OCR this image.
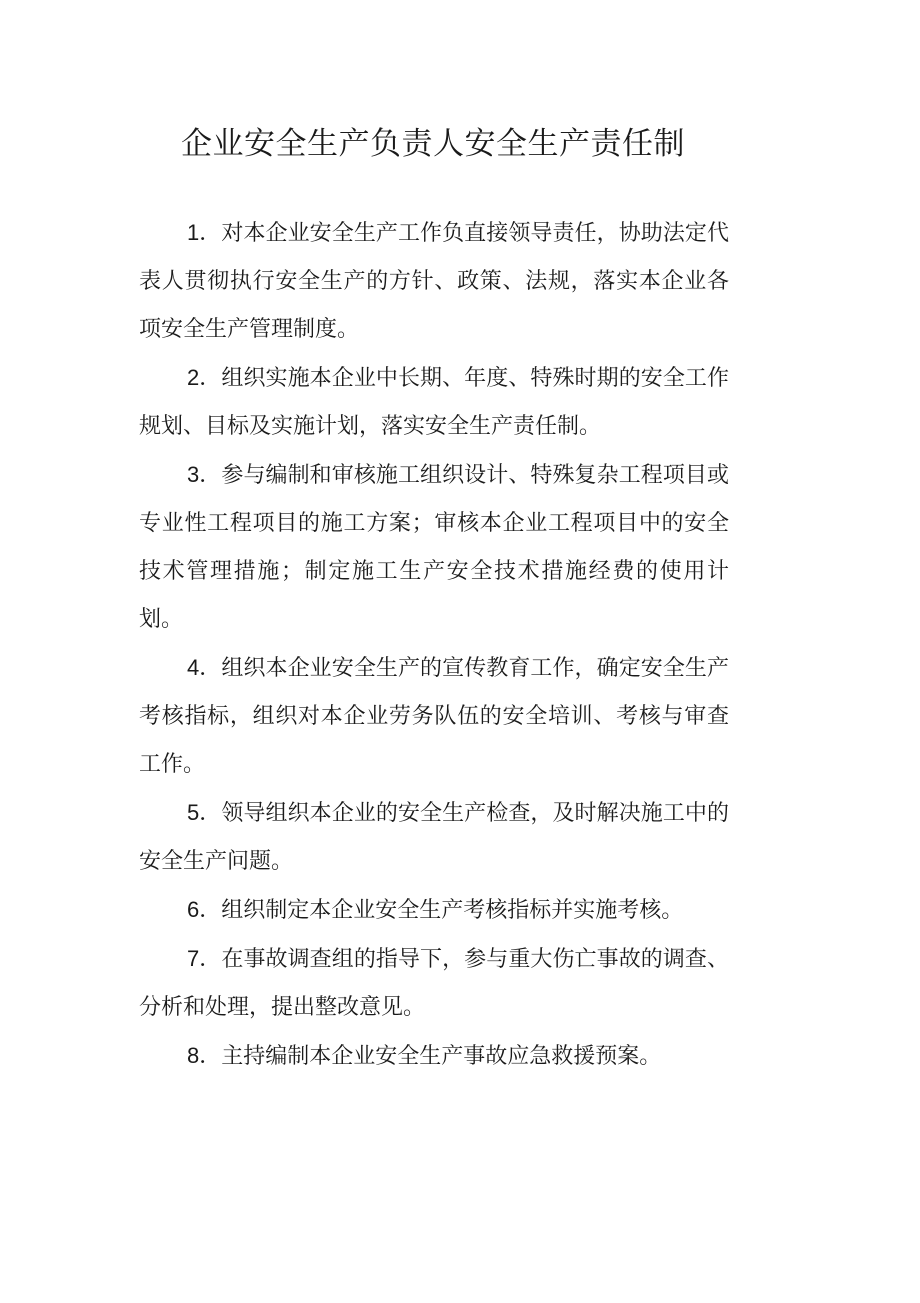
企业安全生产负责人安全生产责任制

1．对本企业安全生产工作负直接领导责任，协助法定代表人贯彻执行安全生产的方针、政策、法规，落实本企业各项安全生产管理制度。

2．组织实施本企业中长期、年度、特殊时期的安全工作规划、目标及实施计划，落实安全生产责任制。

3．参与编制和审核施工组织设计、特殊复杂工程项目或专业性工程项目的施工方案；审核本企业工程项目中的安全技术管理措施；制定施工生产安全技术措施经费的使用计划。

4．组织本企业安全生产的宣传教育工作，确定安全生产考核指标，组织对本企业劳务队伍的安全培训、考核与审查工作。

5．领导组织本企业的安全生产检查，及时解决施工中的安全生产问题。

6．组织制定本企业安全生产考核指标并实施考核。

7．在事故调查组的指导下，参与重大伤亡事故的调查、分析和处理，提出整改意见。

8．主持编制本企业安全生产事故应急救援预案。
